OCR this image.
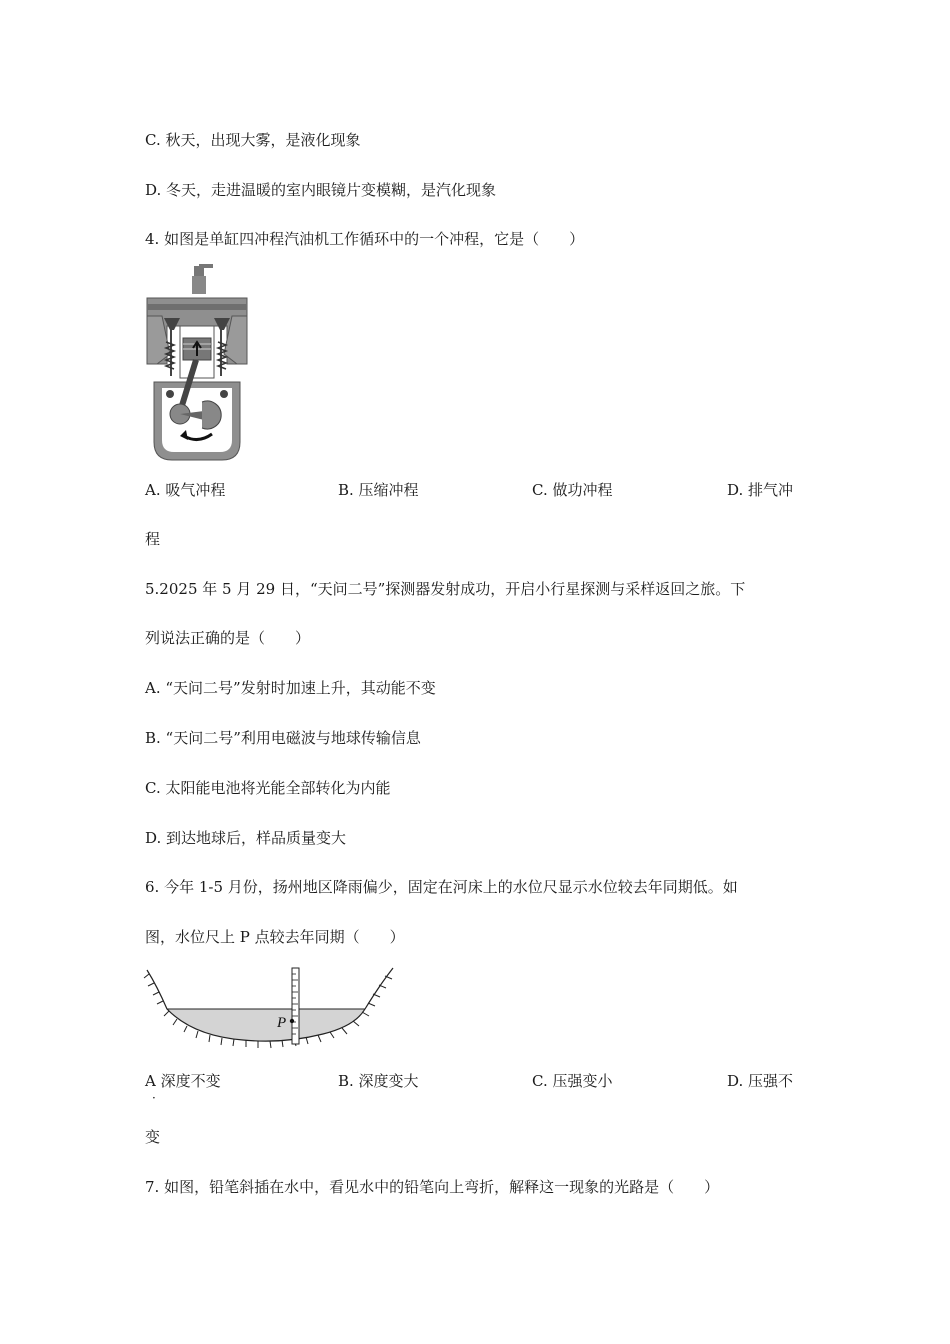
C. 秋天，出现大雾，是液化现象
D. 冬天，走进温暖的室内眼镜片变模糊，是汽化现象
4. 如图是单缸四冲程汽油机工作循环中的一个冲程，它是（　　）
A. 吸气冲程	B. 压缩冲程	C. 做功冲程	D. 排气冲
程
5.2025 年 5 月 29 日，“天问二号”探测器发射成功，开启小行星探测与采样返回之旅。下
列说法正确的是（　　）
A. “天问二号”发射时加速上升，其动能不变
B. “天问二号”利用电磁波与地球传输信息
C. 太阳能电池将光能全部转化为内能
D. 到达地球后，样品质量变大
6. 今年 1-5 月份，扬州地区降雨偏少，固定在河床上的水位尺显示水位较去年同期低。如
图，水位尺上 P 点较去年同期（　　）
P
A 深度不变	B. 深度变大	C. 压强变小	D. 压强不
·
变
7. 如图，铅笔斜插在水中，看见水中的铅笔向上弯折，解释这一现象的光路是（　　）
